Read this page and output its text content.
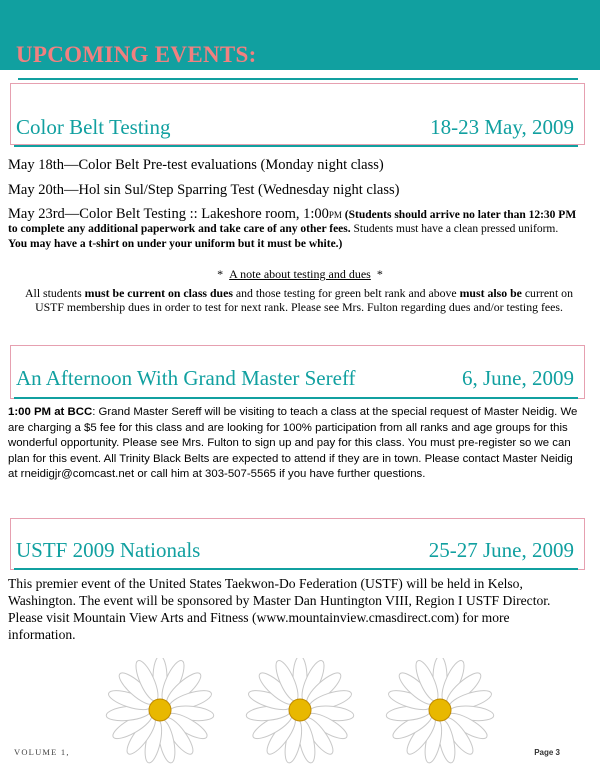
UPCOMING EVENTS:
Color Belt Testing	18-23 May, 2009
May 18th—Color Belt Pre-test evaluations (Monday night class)
May 20th—Hol sin Sul/Step Sparring Test (Wednesday night class)
May 23rd—Color Belt Testing :: Lakeshore room, 1:00PM (Students should arrive no later than 12:30 PM to complete any additional paperwork and take care of any other fees. Students must have a clean pressed uniform. You may have a t-shirt on under your uniform but it must be white.)
* A note about testing and dues *
All students must be current on class dues and those testing for green belt rank and above must also be current on USTF membership dues in order to test for next rank. Please see Mrs. Fulton regarding dues and/or testing fees.
An Afternoon With Grand Master Sereff	6, June, 2009
1:00 PM at BCC: Grand Master Sereff will be visiting to teach a class at the special request of Master Neidig. We are charging a $5 fee for this class and are looking for 100% participation from all ranks and age groups for this wonderful opportunity. Please see Mrs. Fulton to sign up and pay for this class. You must pre-register so we can plan for this event. All Trinity Black Belts are expected to attend if they are in town. Please contact Master Neidig at rneidigjr@comcast.net or call him at 303-507-5565 if you have further questions.
USTF 2009 Nationals	25-27 June, 2009
This premier event of the United States Taekwon-Do Federation (USTF) will be held in Kelso, Washington. The event will be sponsored by Master Dan Huntington VIII, Region I USTF Director. Please visit Mountain View Arts and Fitness (www.mountainview.cmasdirect.com) for more information.
VOLUME 1,	Page 3
